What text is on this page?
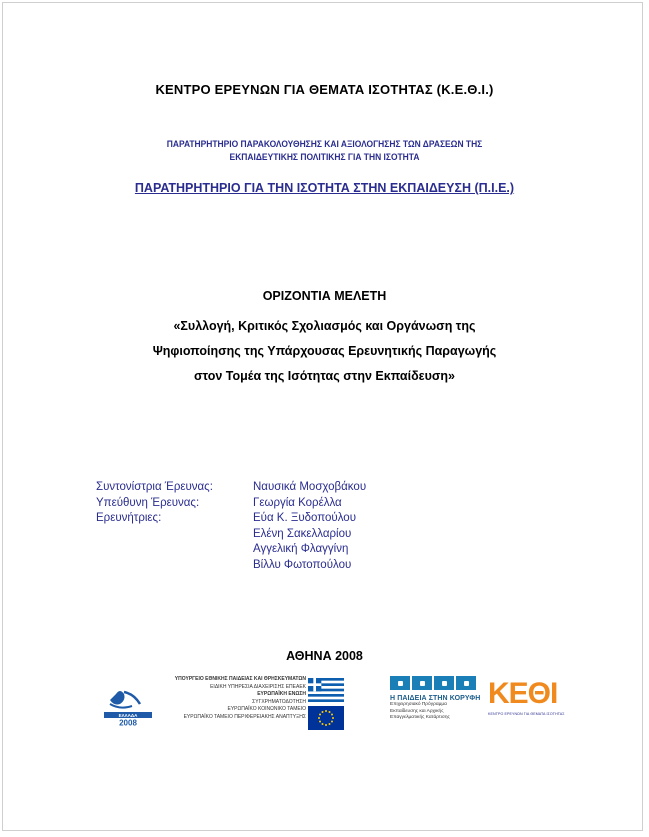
ΚΕΝΤΡΟ ΕΡΕΥΝΩΝ ΓΙΑ ΘΕΜΑΤΑ ΙΣΟΤΗΤΑΣ (Κ.Ε.Θ.Ι.)
ΠΑΡΑΤΗΡΗΤΗΡΙΟ ΠΑΡΑΚΟΛΟΥΘΗΣΗΣ ΚΑΙ ΑΞΙΟΛΟΓΗΣΗΣ ΤΩΝ ΔΡΑΣΕΩΝ ΤΗΣ
ΕΚΠΑΙΔΕΥΤΙΚΗΣ ΠΟΛΙΤΙΚΗΣ ΓΙΑ ΤΗΝ ΙΣΟΤΗΤΑ
ΠΑΡΑΤΗΡΗΤΗΡΙΟ ΓΙΑ ΤΗΝ ΙΣΟΤΗΤΑ ΣΤΗΝ ΕΚΠΑΙΔΕΥΣΗ (Π.Ι.Ε.)
ΟΡΙΖΟΝΤΙΑ ΜΕΛΕΤΗ
«Συλλογή, Κριτικός Σχολιασμός και Οργάνωση της
Ψηφιοποίησης της Υπάρχουσας Ερευνητικής Παραγωγής
στον Τομέα της Ισότητας στην Εκπαίδευση»
Συντονίστρια Έρευνας:	Ναυσικά Μοσχοβάκου
Υπεύθυνη Έρευνας:	Γεωργία Κορέλλα
Ερευνήτριες:	Εύα Κ. Ξυδοπούλου
Ελένη Σακελλαρίου
Αγγελική Φλαγγίνη
Βίλλυ Φωτοπούλου
ΑΘΗΝΑ 2008
ΕΛΛΑΔΑ
2008
ΥΠΟΥΡΓΕΙΟ ΕΘΝΙΚΗΣ ΠΑΙΔΕΙΑΣ ΚΑΙ ΘΡΗΣΚΕΥΜΑΤΩΝ
ΕΙΔΙΚΗ ΥΠΗΡΕΣΙΑ ΔΙΑΧΕΙΡΙΣΗΣ ΕΠΕΑΕΚ
ΕΥΡΩΠΑΪΚΗ ΕΝΩΣΗ
ΣΥΓΧΡΗΜΑΤΟΔΟΤΗΣΗ
ΕΥΡΩΠΑΪΚΟ ΚΟΙΝΩΝΙΚΟ ΤΑΜΕΙΟ
ΕΥΡΩΠΑΪΚΟ ΤΑΜΕΙΟ ΠΕΡΙΦΕΡΕΙΑΚΗΣ ΑΝΑΠΤΥΞΗΣ
Η ΠΑΙΔΕΙΑ ΣΤΗΝ ΚΟΡΥΦΗ
Επιχειρησιακό Πρόγραμμα
Εκπαίδευσης και Αρχικής
Επαγγελματικής Κατάρτισης
ΚΕΘΙ
ΚΕΝΤΡΟ ΕΡΕΥΝΩΝ ΓΙΑ ΘΕΜΑΤΑ ΙΣΟΤΗΤΑΣ
